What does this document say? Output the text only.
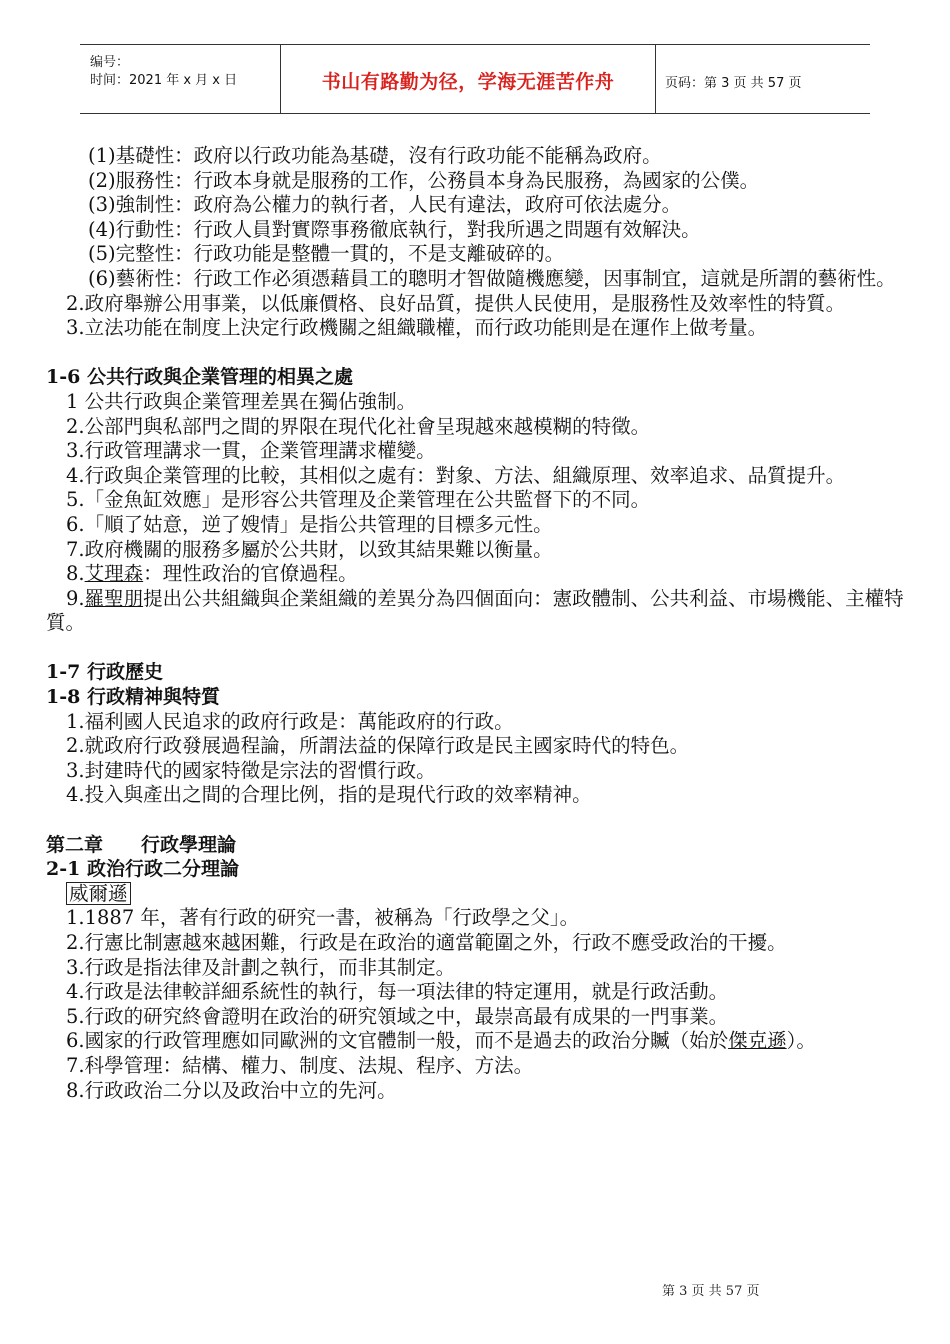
编号：
时间：2021 年 x 月 x 日	书山有路勤为径，学海无涯苦作舟	页码：第 3 页 共 57 页

(1)基礎性：政府以行政功能為基礎，沒有行政功能不能稱為政府。

(2)服務性：行政本身就是服務的工作，公務員本身為民服務，為國家的公僕。

(3)強制性：政府為公權力的執行者，人民有違法，政府可依法處分。

(4)行動性：行政人員對實際事務徹底執行，對我所遇之問題有效解決。

(5)完整性：行政功能是整體一貫的，不是支離破碎的。

(6)藝術性：行政工作必須憑藉員工的聰明才智做隨機應變，因事制宜，這就是所謂的藝術性。

2.政府舉辦公用事業，以低廉價格、良好品質，提供人民使用，是服務性及效率性的特質。

3.立法功能在制度上決定行政機關之組織職權，而行政功能則是在運作上做考量。

1-6 公共行政與企業管理的相異之處

1 公共行政與企業管理差異在獨佔強制。

2.公部門與私部門之間的界限在現代化社會呈現越來越模糊的特徵。

3.行政管理講求一貫，企業管理講求權變。

4.行政與企業管理的比較，其相似之處有：對象、方法、組織原理、效率追求、品質提升。

5.「金魚缸效應」是形容公共管理及企業管理在公共監督下的不同。

6.「順了姑意，逆了嫂情」是指公共管理的目標多元性。

7.政府機關的服務多屬於公共財，以致其結果難以衡量。

8.艾理森：理性政治的官僚過程。

9.羅聖朋提出公共組織與企業組織的差異分為四個面向：憲政體制、公共利益、市場機能、主權特質。

1-7 行政歷史

1-8 行政精神與特質

1.福利國人民追求的政府行政是：萬能政府的行政。

2.就政府行政發展過程論，所謂法益的保障行政是民主國家時代的特色。

3.封建時代的國家特徵是宗法的習慣行政。

4.投入與產出之間的合理比例，指的是現代行政的效率精神。

第二章　　行政學理論

2-1 政治行政二分理論

威爾遜

1.1887 年，著有行政的研究一書，被稱為「行政學之父」。

2.行憲比制憲越來越困難，行政是在政治的適當範圍之外，行政不應受政治的干擾。

3.行政是指法律及計劃之執行，而非其制定。

4.行政是法律較詳細系統性的執行，每一項法律的特定運用，就是行政活動。

5.行政的研究終會證明在政治的研究領域之中，最崇高最有成果的一門事業。

6.國家的行政管理應如同歐洲的文官體制一般，而不是過去的政治分贓（始於傑克遜）。

7.科學管理：結構、權力、制度、法規、程序、方法。

8.行政政治二分以及政治中立的先河。

第 3 页 共 57 页
